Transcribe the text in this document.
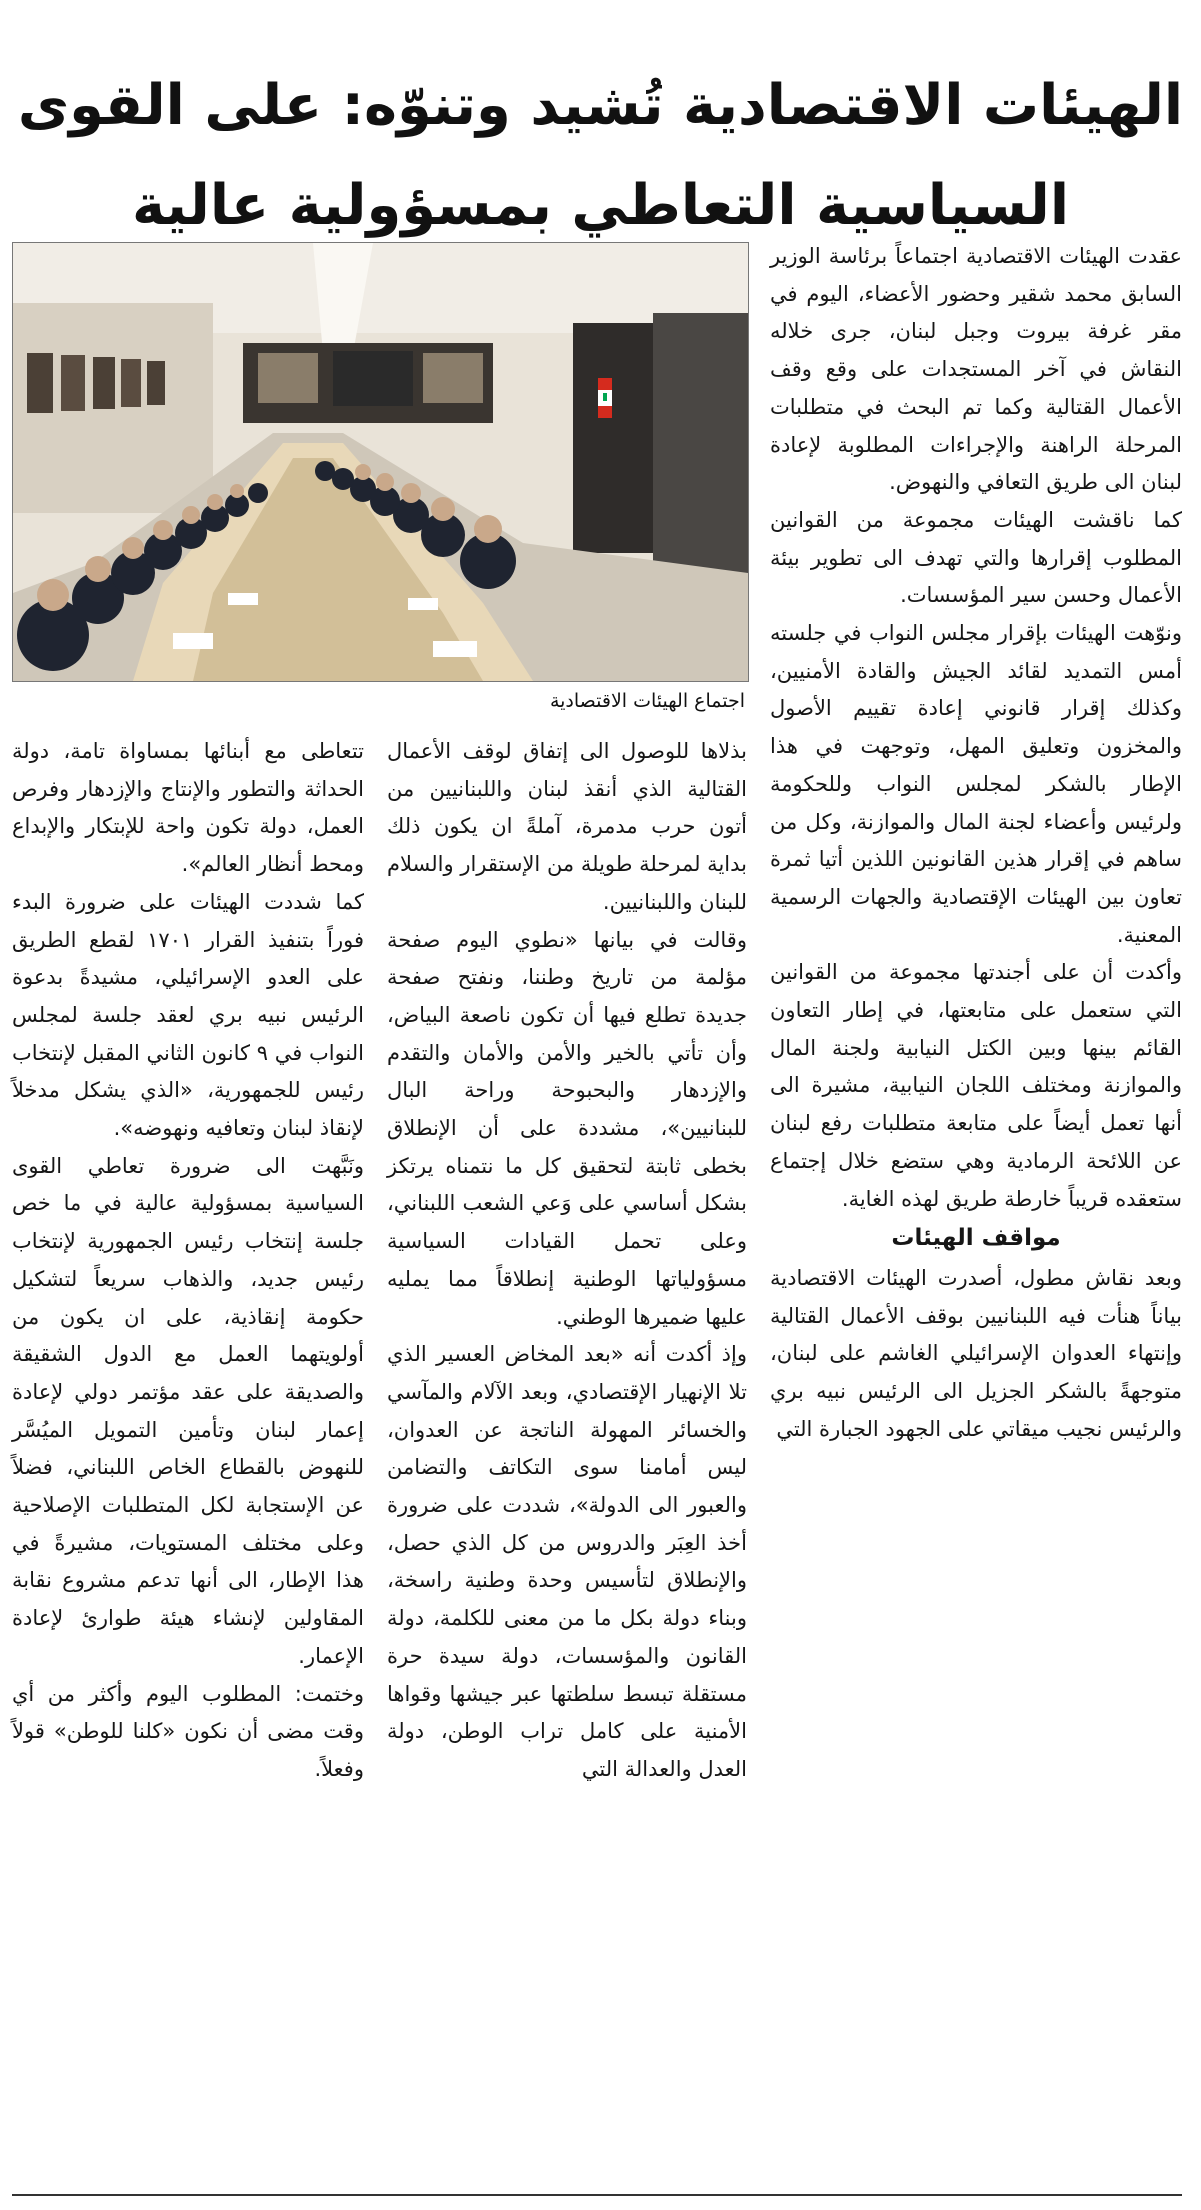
الهيئات الاقتصادية تُشيد وتنوّه: على القوى
السياسية التعاطي بمسؤولية عالية
اجتماع الهيئات الاقتصادية

عقدت الهيئات الاقتصادية اجتماعاً برئاسة الوزير السابق محمد شقير وحضور الأعضاء، اليوم في مقر غرفة بيروت وجبل لبنان، جرى خلاله النقاش في آخر المستجدات على وقع وقف الأعمال القتالية وكما تم البحث في متطلبات المرحلة الراهنة والإجراءات المطلوبة لإعادة لبنان الى طريق التعافي والنهوض.

كما ناقشت الهيئات مجموعة من القوانين المطلوب إقرارها والتي تهدف الى تطوير بيئة الأعمال وحسن سير المؤسسات.

ونوّهت الهيئات بإقرار مجلس النواب في جلسته أمس التمديد لقائد الجيش والقادة الأمنيين، وكذلك إقرار قانوني إعادة تقييم الأصول والمخزون وتعليق المهل، وتوجهت في هذا الإطار بالشكر لمجلس النواب وللحكومة ولرئيس وأعضاء لجنة المال والموازنة، وكل من ساهم في إقرار هذين القانونين اللذين أتيا ثمرة تعاون بين الهيئات الإقتصادية والجهات الرسمية المعنية.

وأكدت أن على أجندتها مجموعة من القوانين التي ستعمل على متابعتها، في إطار التعاون القائم بينها وبين الكتل النيابية ولجنة المال والموازنة ومختلف اللجان النيابية، مشيرة الى أنها تعمل أيضاً على متابعة متطلبات رفع لبنان عن اللائحة الرمادية وهي ستضع خلال إجتماع ستعقده قريباً خارطة طريق لهذه الغاية.

مواقف الهيئات

وبعد نقاش مطول، أصدرت الهيئات الاقتصادية بياناً هنأت فيه اللبنانيين بوقف الأعمال القتالية وإنتهاء العدوان الإسرائيلي الغاشم على لبنان، متوجهةً بالشكر الجزيل الى الرئيس نبيه بري والرئيس نجيب ميقاتي على الجهود الجبارة التي

بذلاها للوصول الى إتفاق لوقف الأعمال القتالية الذي أنقذ لبنان واللبنانيين من أتون حرب مدمرة، آملةً ان يكون ذلك بداية لمرحلة طويلة من الإستقرار والسلام للبنان واللبنانيين.

وقالت في بيانها «نطوي اليوم صفحة مؤلمة من تاريخ وطننا، ونفتح صفحة جديدة تطلع فيها أن تكون ناصعة البياض، وأن تأتي بالخير والأمن والأمان والتقدم والإزدهار والبحبوحة وراحة البال للبنانيين»، مشددة على أن الإنطلاق بخطى ثابتة لتحقيق كل ما نتمناه يرتكز بشكل أساسي على وَعي الشعب اللبناني، وعلى تحمل القيادات السياسية مسؤولياتها الوطنية إنطلاقاً مما يمليه عليها ضميرها الوطني.

وإذ أكدت أنه «بعد المخاض العسير الذي تلا الإنهيار الإقتصادي، وبعد الآلام والمآسي والخسائر المهولة الناتجة عن العدوان، ليس أمامنا سوى التكاتف والتضامن والعبور الى الدولة»، شددت على ضرورة أخذ العِبَر والدروس من كل الذي حصل، والإنطلاق لتأسيس وحدة وطنية راسخة، وبناء دولة بكل ما من معنى للكلمة، دولة القانون والمؤسسات، دولة سيدة حرة مستقلة تبسط سلطتها عبر جيشها وقواها الأمنية على كامل تراب الوطن، دولة العدل والعدالة التي

تتعاطى مع أبنائها بمساواة تامة، دولة الحداثة والتطور والإنتاج والإزدهار وفرص العمل، دولة تكون واحة للإبتكار والإبداع ومحط أنظار العالم».

كما شددت الهيئات على ضرورة البدء فوراً بتنفيذ القرار ١٧٠١ لقطع الطريق على العدو الإسرائيلي، مشيدةً بدعوة الرئيس نبيه بري لعقد جلسة لمجلس النواب في ٩ كانون الثاني المقبل لإنتخاب رئيس للجمهورية، «الذي يشكل مدخلاً لإنقاذ لبنان وتعافيه ونهوضه».

ونَبَّهت الى ضرورة تعاطي القوى السياسية بمسؤولية عالية في ما خص جلسة إنتخاب رئيس الجمهورية لإنتخاب رئيس جديد، والذهاب سريعاً لتشكيل حكومة إنقاذية، على ان يكون من أولويتهما العمل مع الدول الشقيقة والصديقة على عقد مؤتمر دولي لإعادة إعمار لبنان وتأمين التمويل الميُسَّر للنهوض بالقطاع الخاص اللبناني، فضلاً عن الإستجابة لكل المتطلبات الإصلاحية وعلى مختلف المستويات، مشيرةً في هذا الإطار، الى أنها تدعم مشروع نقابة المقاولين لإنشاء هيئة طوارئ لإعادة الإعمار.

وختمت: المطلوب اليوم وأكثر من أي وقت مضى أن نكون «كلنا للوطن» قولاً وفعلاً.
